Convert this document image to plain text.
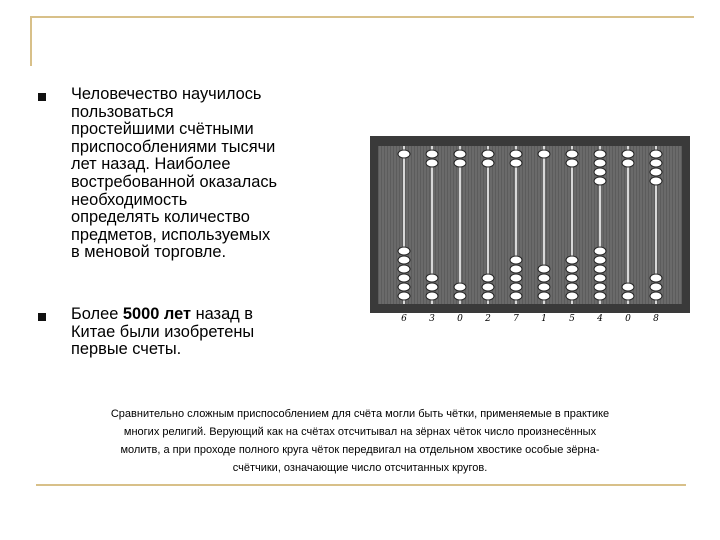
Человечество научилось
пользоваться
простейшими счётными
приспособлениями тысячи
лет назад. Наиболее
востребованной оказалась
необходимость
определять количество
предметов, используемых
в меновой торговле.
Более 5000 лет назад в
Китае были изобретены
первые счеты.
6	3	0	2	7	1	5	4	0	8
Сравнительно сложным приспособлением для счёта могли быть чётки, применяемые в практике
многих религий. Верующий как на счётах отсчитывал на зёрнах чёток число произнесённых
молитв, а при проходе полного круга чёток передвигал на отдельном хвостике особые зёрна-
счётчики, означающие число отсчитанных кругов.
